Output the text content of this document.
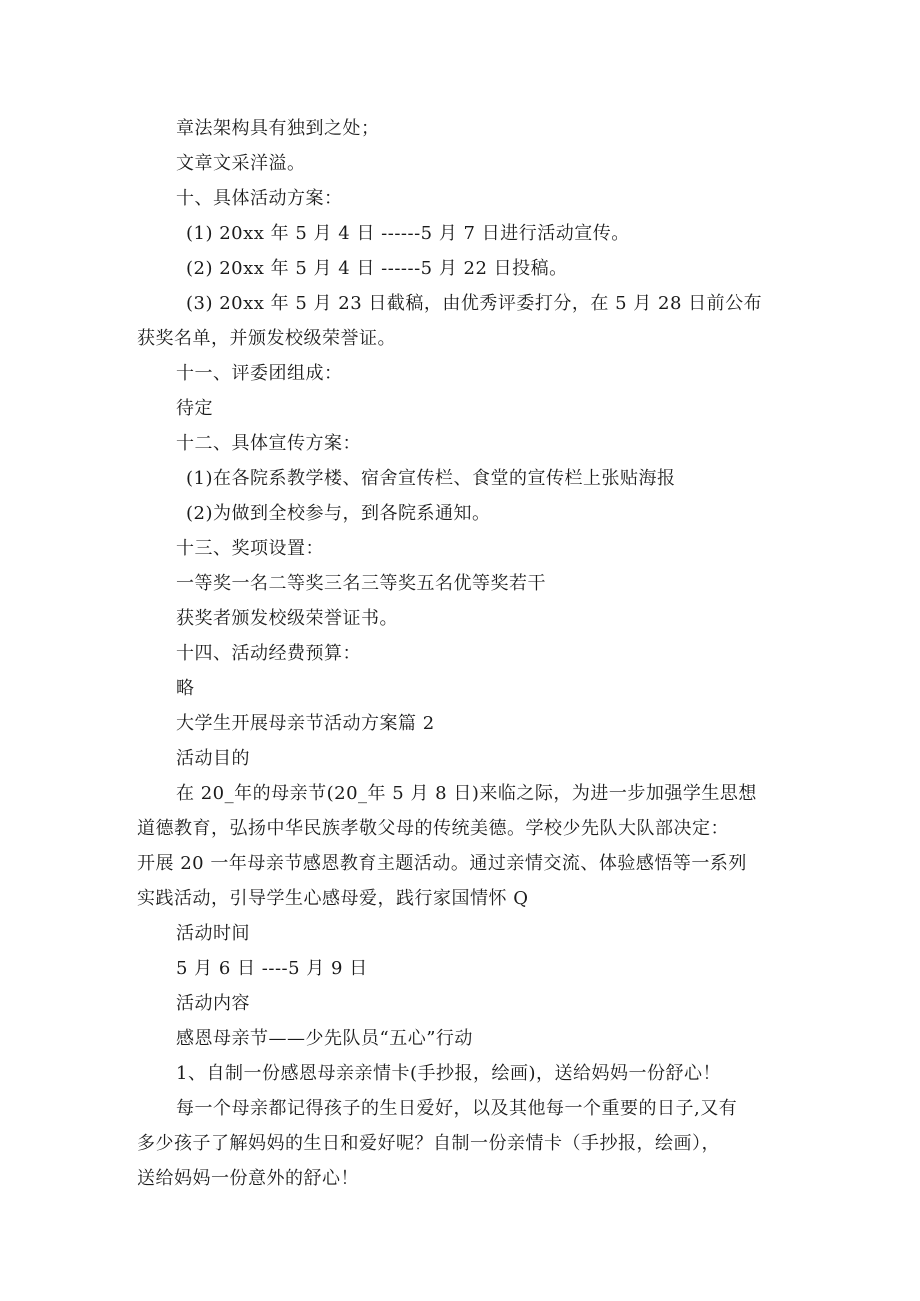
章法架构具有独到之处；
文章文采洋溢。
十、具体活动方案：
(1) 20xx 年 5 月 4 日 ------5 月 7 日进行活动宣传。
(2) 20xx 年 5 月 4 日 ------5 月 22 日投稿。
(3) 20xx 年 5 月 23 日截稿，由优秀评委打分，在 5 月 28 日前公布
获奖名单，并颁发校级荣誉证。
十一、评委团组成：
待定
十二、具体宣传方案：
(1)在各院系教学楼、宿舍宣传栏、食堂的宣传栏上张贴海报
(2)为做到全校参与，到各院系通知。
十三、奖项设置：
一等奖一名二等奖三名三等奖五名优等奖若干
获奖者颁发校级荣誉证书。
十四、活动经费预算：
略
大学生开展母亲节活动方案篇 2
活动目的
在 20_年的母亲节(20_年 5 月 8 日)来临之际，为进一步加强学生思想
道德教育，弘扬中华民族孝敬父母的传统美德。学校少先队大队部决定：
开展 20 一年母亲节感恩教育主题活动。通过亲情交流、体验感悟等一系列
实践活动，引导学生心感母爱，践行家国情怀 Q
活动时间
5 月 6 日 ----5 月 9 日
活动内容
感恩母亲节——少先队员“五心”行动
1、自制一份感恩母亲亲情卡(手抄报，绘画)，送给妈妈一份舒心！
每一个母亲都记得孩子的生日爱好，以及其他每一个重要的日子,又有
多少孩子了解妈妈的生日和爱好呢？自制一份亲情卡（手抄报，绘画），
送给妈妈一份意外的舒心！
